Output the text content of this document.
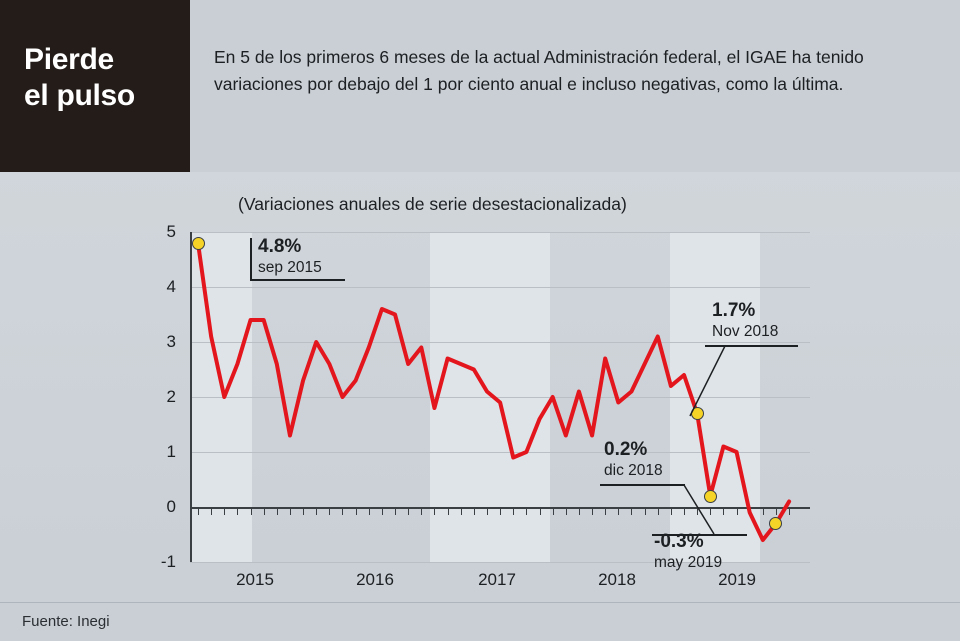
Pierde
el pulso
En 5 de los primeros 6 meses de la actual Administración federal, el IGAE ha tenido variaciones por debajo del 1 por ciento anual e incluso negativas, como la última.
(Variaciones anuales de serie desestacionalizada)
-1
0
1
2
3
4
5
2015	2016	2017	2018	2019
4.8%
sep 2015
1.7%
Nov 2018
0.2%
dic 2018
-0.3%
may 2019
Fuente: Inegi
